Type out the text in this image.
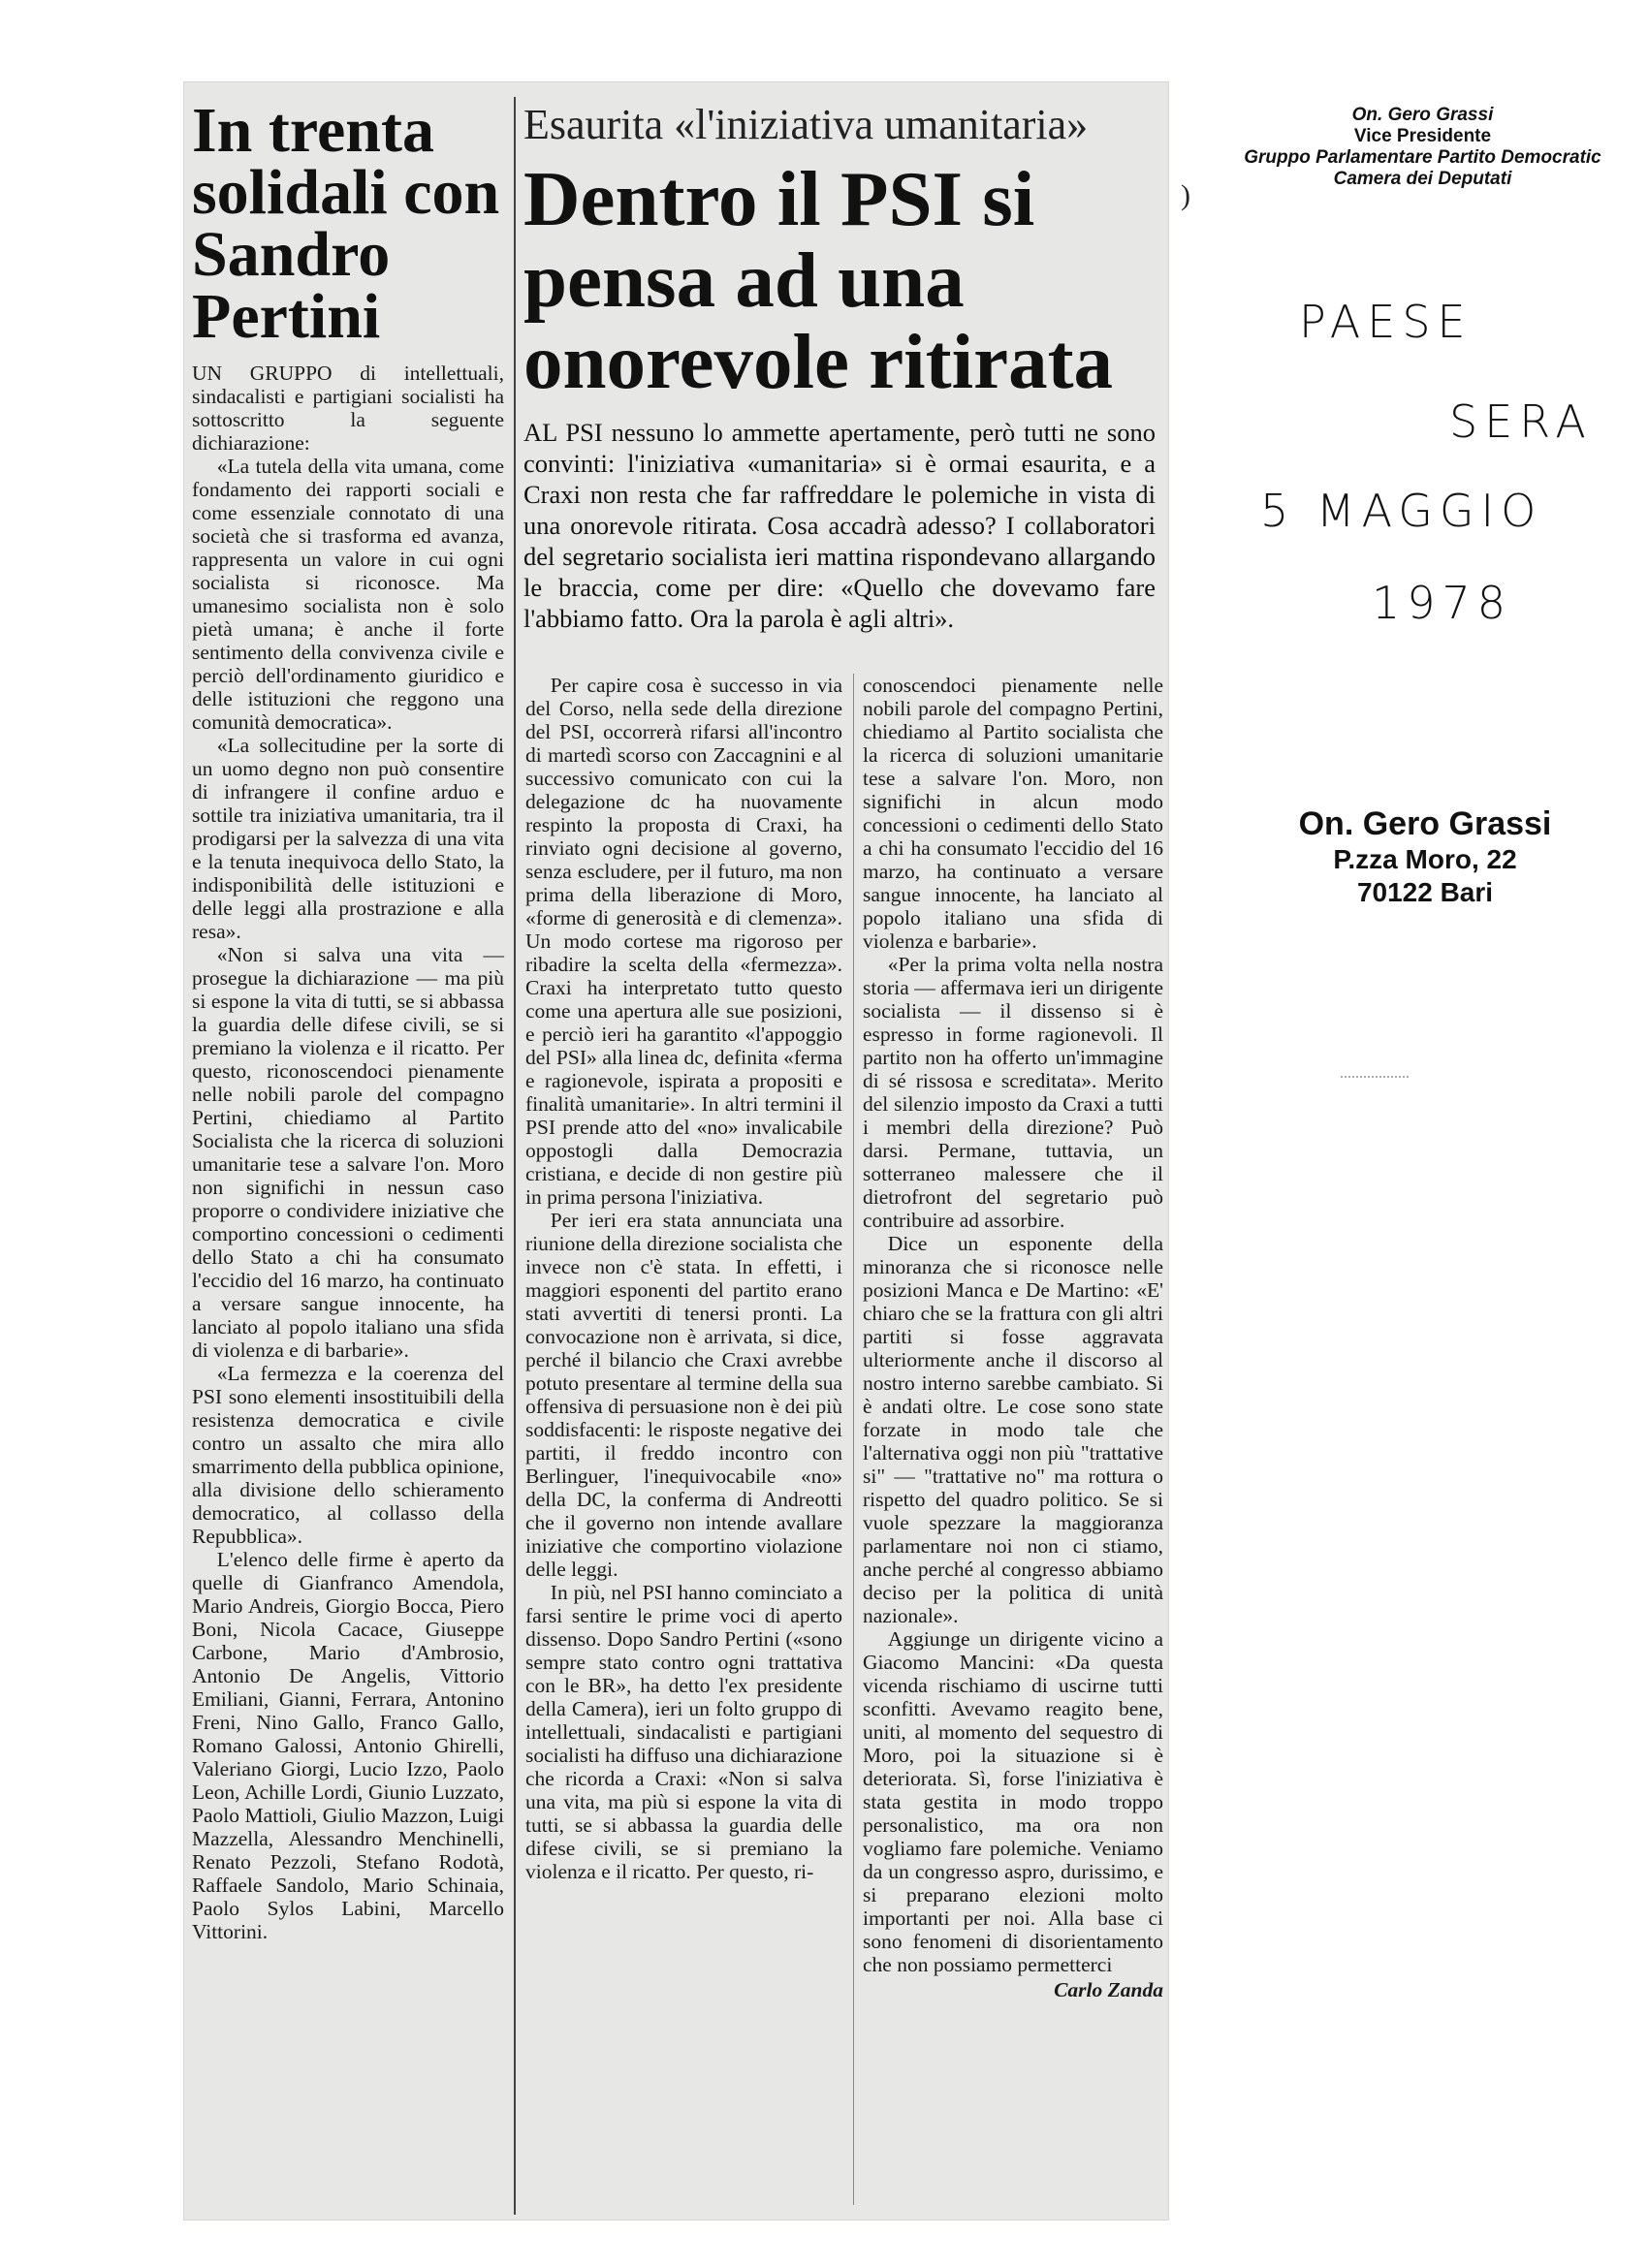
In trenta solidali con Sandro Pertini

UN GRUPPO di intellettuali, sindacalisti e partigiani socialisti ha sottoscritto la seguente dichiarazione:

«La tutela della vita umana, come fondamento dei rapporti sociali e come essenziale connotato di una società che si trasforma ed avanza, rappresenta un valore in cui ogni socialista si riconosce. Ma umanesimo socialista non è solo pietà umana; è anche il forte sentimento della convivenza civile e perciò dell'ordinamento giuridico e delle istituzioni che reggono una comunità democratica».

«La sollecitudine per la sorte di un uomo degno non può consentire di infrangere il confine arduo e sottile tra iniziativa umanitaria, tra il prodigarsi per la salvezza di una vita e la tenuta inequivoca dello Stato, la indisponibilità delle istituzioni e delle leggi alla prostrazione e alla resa».

«Non si salva una vita — prosegue la dichiarazione — ma più si espone la vita di tutti, se si abbassa la guardia delle difese civili, se si premiano la violenza e il ricatto. Per questo, riconoscendoci pienamente nelle nobili parole del compagno Pertini, chiediamo al Partito Socialista che la ricerca di soluzioni umanitarie tese a salvare l'on. Moro non significhi in nessun caso proporre o condividere iniziative che comportino concessioni o cedimenti dello Stato a chi ha consumato l'eccidio del 16 marzo, ha continuato a versare sangue innocente, ha lanciato al popolo italiano una sfida di violenza e di barbarie».

«La fermezza e la coerenza del PSI sono elementi insostituibili della resistenza democratica e civile contro un assalto che mira allo smarrimento della pubblica opinione, alla divisione dello schieramento democratico, al collasso della Repubblica».

L'elenco delle firme è aperto da quelle di Gianfranco Amendola, Mario Andreis, Giorgio Bocca, Piero Boni, Nicola Cacace, Giuseppe Carbone, Mario d'Ambrosio, Antonio De Angelis, Vittorio Emiliani, Gianni, Ferrara, Antonino Freni, Nino Gallo, Franco Gallo, Romano Galossi, Antonio Ghirelli, Valeriano Giorgi, Lucio Izzo, Paolo Leon, Achille Lordi, Giunio Luzzato, Paolo Mattioli, Giulio Mazzon, Luigi Mazzella, Alessandro Menchinelli, Renato Pezzoli, Stefano Rodotà, Raffaele Sandolo, Mario Schinaia, Paolo Sylos Labini, Marcello Vittorini.

Esaurita «l'iniziativa umanitaria»
Dentro il PSI si pensa ad una onorevole ritirata
AL PSI nessuno lo ammette apertamente, però tutti ne sono convinti: l'iniziativa «umanitaria» si è ormai esaurita, e a Craxi non resta che far raffreddare le polemiche in vista di una onorevole ritirata. Cosa accadrà adesso? I collaboratori del segretario socialista ieri mattina rispondevano allargando le braccia, come per dire: «Quello che dovevamo fare l'abbiamo fatto. Ora la parola è agli altri».

Per capire cosa è successo in via del Corso, nella sede della direzione del PSI, occorrerà rifarsi all'incontro di martedì scorso con Zaccagnini e al successivo comunicato con cui la delegazione dc ha nuovamente respinto la proposta di Craxi, ha rinviato ogni decisione al governo, senza escludere, per il futuro, ma non prima della liberazione di Moro, «forme di generosità e di clemenza». Un modo cortese ma rigoroso per ribadire la scelta della «fermezza». Craxi ha interpretato tutto questo come una apertura alle sue posizioni, e perciò ieri ha garantito «l'appoggio del PSI» alla linea dc, definita «ferma e ragionevole, ispirata a propositi e finalità umanitarie». In altri termini il PSI prende atto del «no» invalicabile oppostogli dalla Democrazia cristiana, e decide di non gestire più in prima persona l'iniziativa.

Per ieri era stata annunciata una riunione della direzione socialista che invece non c'è stata. In effetti, i maggiori esponenti del partito erano stati avvertiti di tenersi pronti. La convocazione non è arrivata, si dice, perché il bilancio che Craxi avrebbe potuto presentare al termine della sua offensiva di persuasione non è dei più soddisfacenti: le risposte negative dei partiti, il freddo incontro con Berlinguer, l'inequivocabile «no» della DC, la conferma di Andreotti che il governo non intende avallare iniziative che comportino violazione delle leggi.

In più, nel PSI hanno cominciato a farsi sentire le prime voci di aperto dissenso. Dopo Sandro Pertini («sono sempre stato contro ogni trattativa con le BR», ha detto l'ex presidente della Camera), ieri un folto gruppo di intellettuali, sindacalisti e partigiani socialisti ha diffuso una dichiarazione che ricorda a Craxi: «Non si salva una vita, ma più si espone la vita di tutti, se si abbassa la guardia delle difese civili, se si premiano la violenza e il ricatto. Per questo, ri-

conoscendoci pienamente nelle nobili parole del compagno Pertini, chiediamo al Partito socialista che la ricerca di soluzioni umanitarie tese a salvare l'on. Moro, non significhi in alcun modo concessioni o cedimenti dello Stato a chi ha consumato l'eccidio del 16 marzo, ha continuato a versare sangue innocente, ha lanciato al popolo italiano una sfida di violenza e barbarie».

«Per la prima volta nella nostra storia — affermava ieri un dirigente socialista — il dissenso si è espresso in forme ragionevoli. Il partito non ha offerto un'immagine di sé rissosa e screditata». Merito del silenzio imposto da Craxi a tutti i membri della direzione? Può darsi. Permane, tuttavia, un sotterraneo malessere che il dietrofront del segretario può contribuire ad assorbire.

Dice un esponente della minoranza che si riconosce nelle posizioni Manca e De Martino: «E' chiaro che se la frattura con gli altri partiti si fosse aggravata ulteriormente anche il discorso al nostro interno sarebbe cambiato. Si è andati oltre. Le cose sono state forzate in modo tale che l'alternativa oggi non più "trattative si" — "trattative no" ma rottura o rispetto del quadro politico. Se si vuole spezzare la maggioranza parlamentare noi non ci stiamo, anche perché al congresso abbiamo deciso per la politica di unità nazionale».

Aggiunge un dirigente vicino a Giacomo Mancini: «Da questa vicenda rischiamo di uscirne tutti sconfitti. Avevamo reagito bene, uniti, al momento del sequestro di Moro, poi la situazione si è deteriorata. Sì, forse l'iniziativa è stata gestita in modo troppo personalistico, ma ora non vogliamo fare polemiche. Veniamo da un congresso aspro, durissimo, e si preparano elezioni molto importanti per noi. Alla base ci sono fenomeni di disorientamento che non possiamo permetterci

Carlo Zanda
)
On. Gero Grassi
Vice Presidente
Gruppo Parlamentare Partito Democratic
Camera dei Deputati
PAESE
SERA
5 MAGGIO
1978
On. Gero Grassi
P.zza Moro, 22
70122 Bari
